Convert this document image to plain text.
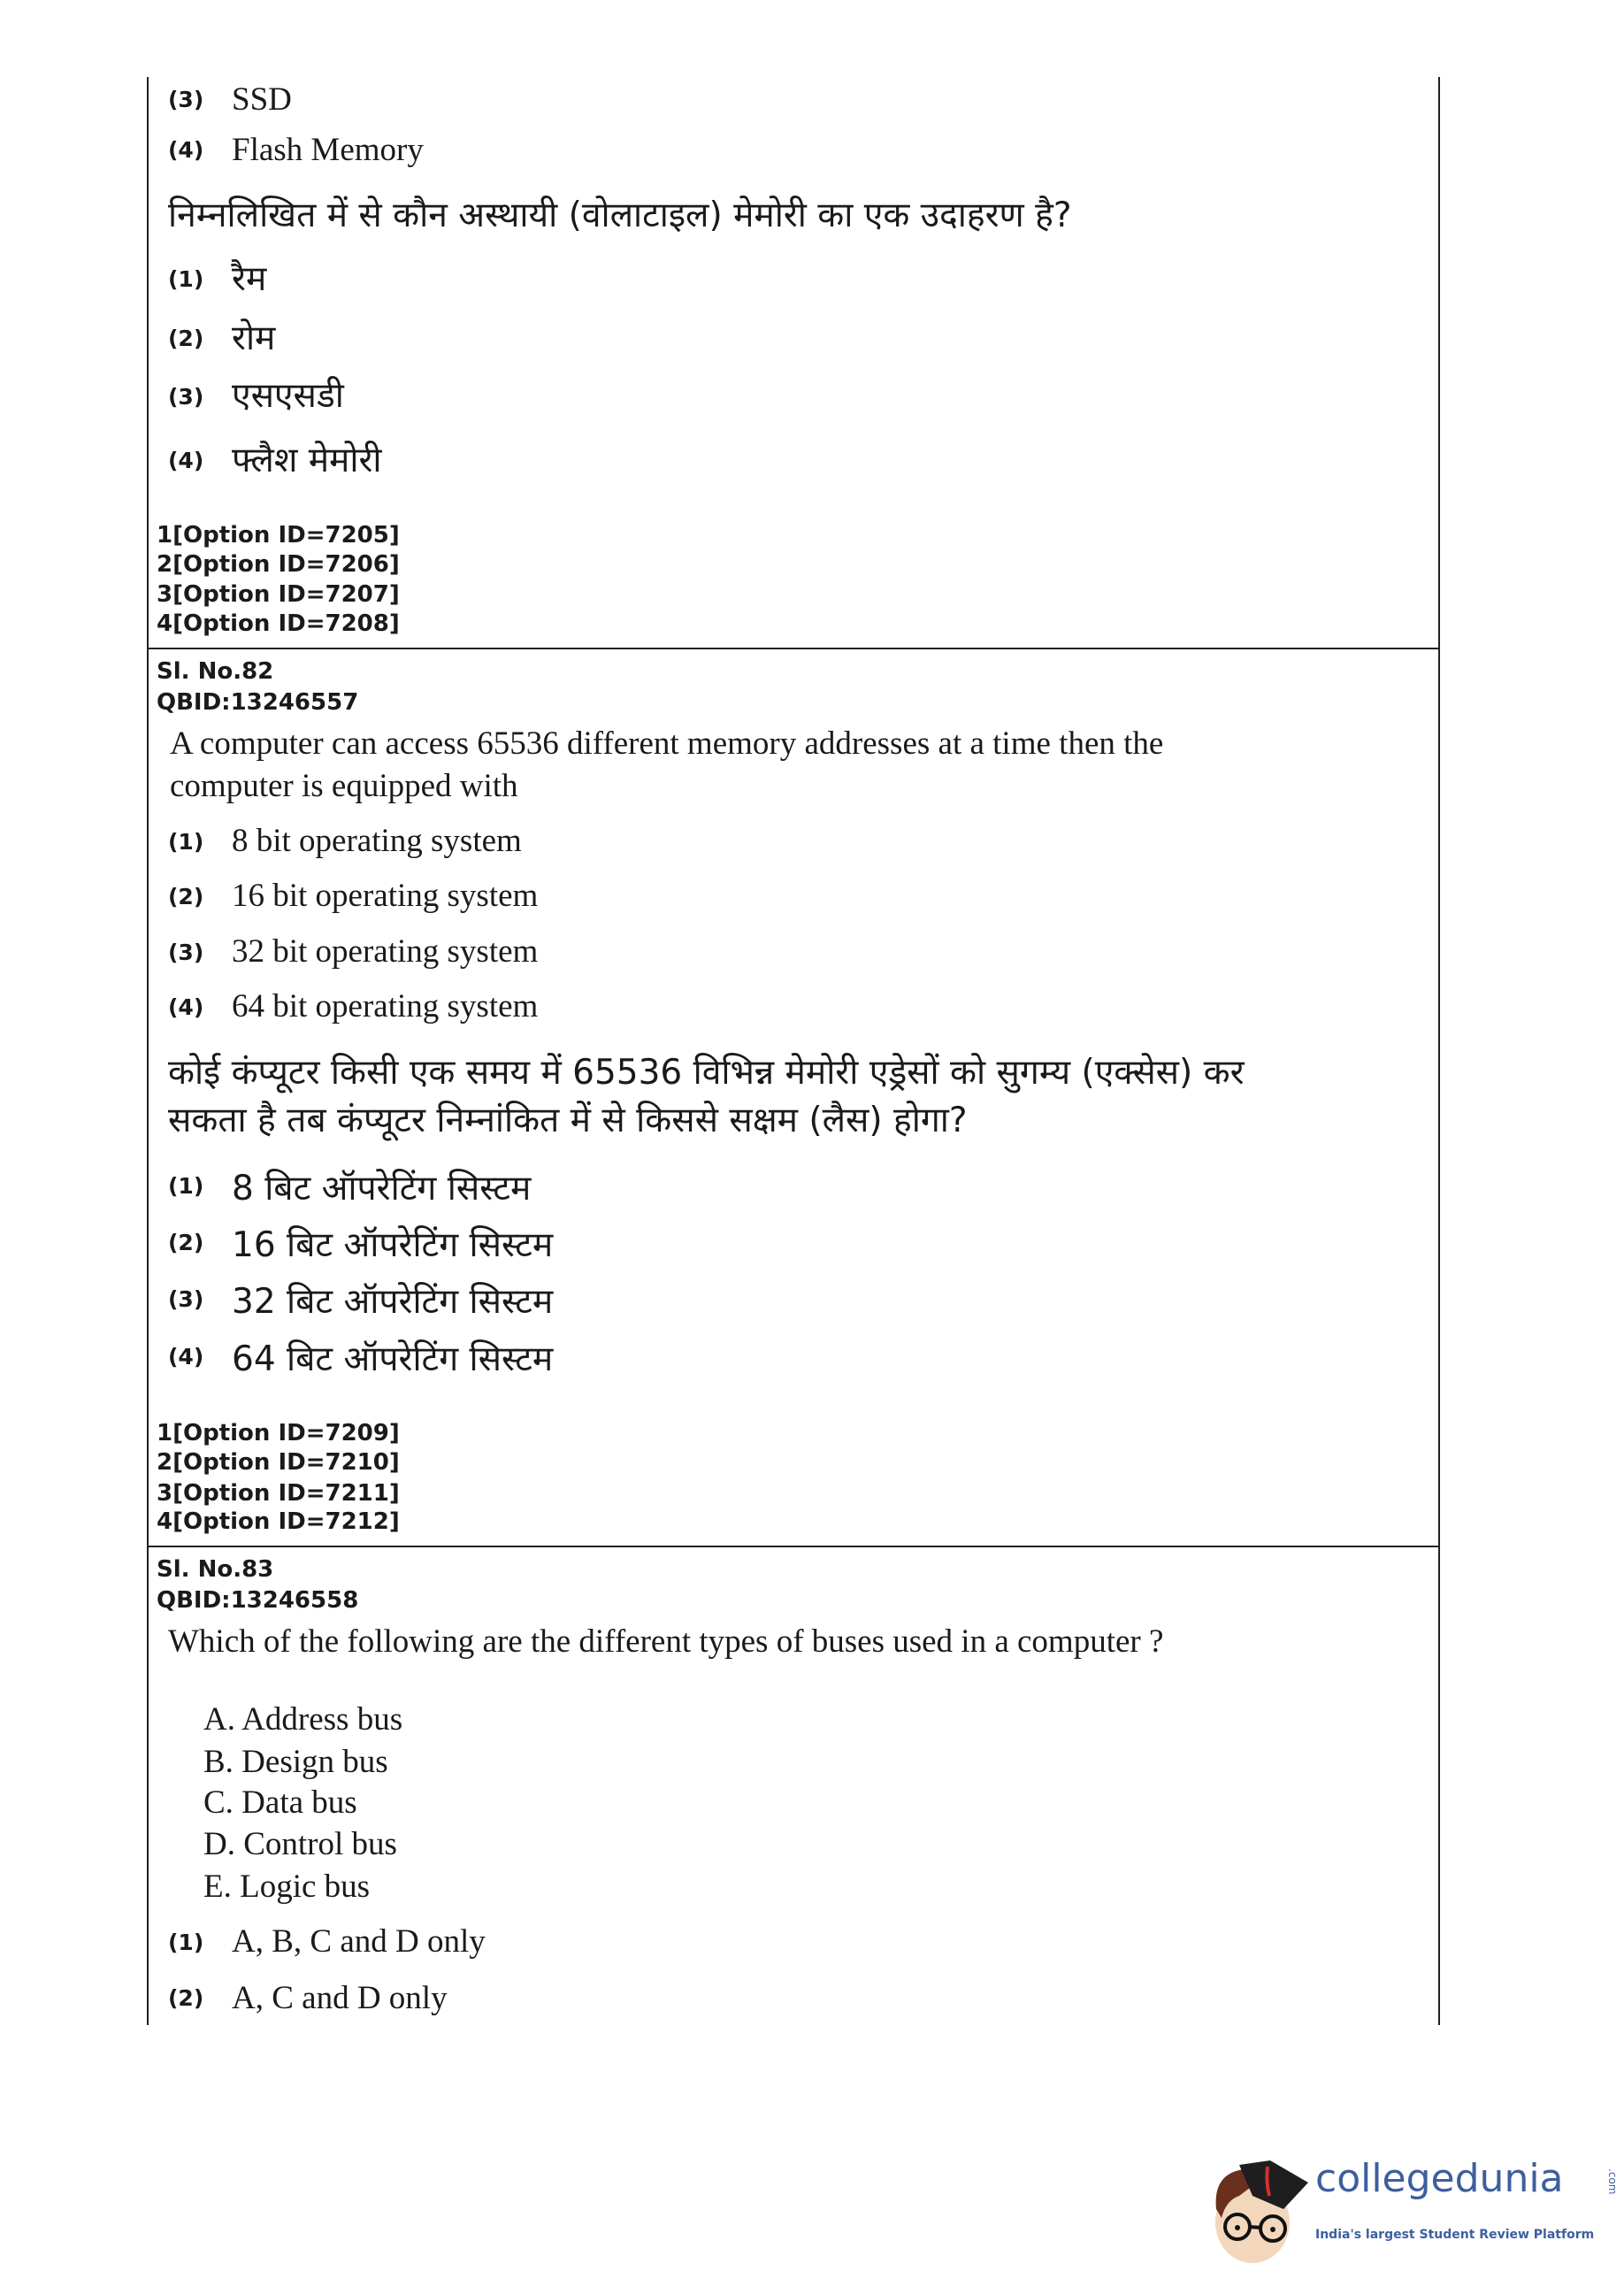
(3) SSD
(4) Flash Memory
निम्नलिखित में से कौन अस्थायी (वोलाटाइल) मेमोरी का एक उदाहरण है?
(1) रैम
(2) रोम
(3) एसएसडी
(4) फ्लैश मेमोरी
1[Option ID=7205]
2[Option ID=7206]
3[Option ID=7207]
4[Option ID=7208]
Sl. No.82
QBID:13246557
A computer can access 65536 different memory addresses at a time then the
computer is equipped with
(1) 8 bit operating system
(2) 16 bit operating system
(3) 32 bit operating system
(4) 64 bit operating system
कोई कंप्यूटर किसी एक समय में 65536 विभिन्न मेमोरी एड्रेसों को सुगम्य (एक्सेस) कर
सकता है तब कंप्यूटर निम्नांकित में से किससे सक्षम (लैस) होगा?
(1) 8 बिट ऑपरेटिंग सिस्टम
(2) 16 बिट ऑपरेटिंग सिस्टम
(3) 32 बिट ऑपरेटिंग सिस्टम
(4) 64 बिट ऑपरेटिंग सिस्टम
1[Option ID=7209]
2[Option ID=7210]
3[Option ID=7211]
4[Option ID=7212]
Sl. No.83
QBID:13246558
Which of the following are the different types of buses used in a computer ?
A. Address bus
B. Design bus
C. Data bus
D. Control bus
E. Logic bus
(1) A, B, C and D only
(2) A, C and D only
collegedunia	.com
India's largest Student Review Platform
